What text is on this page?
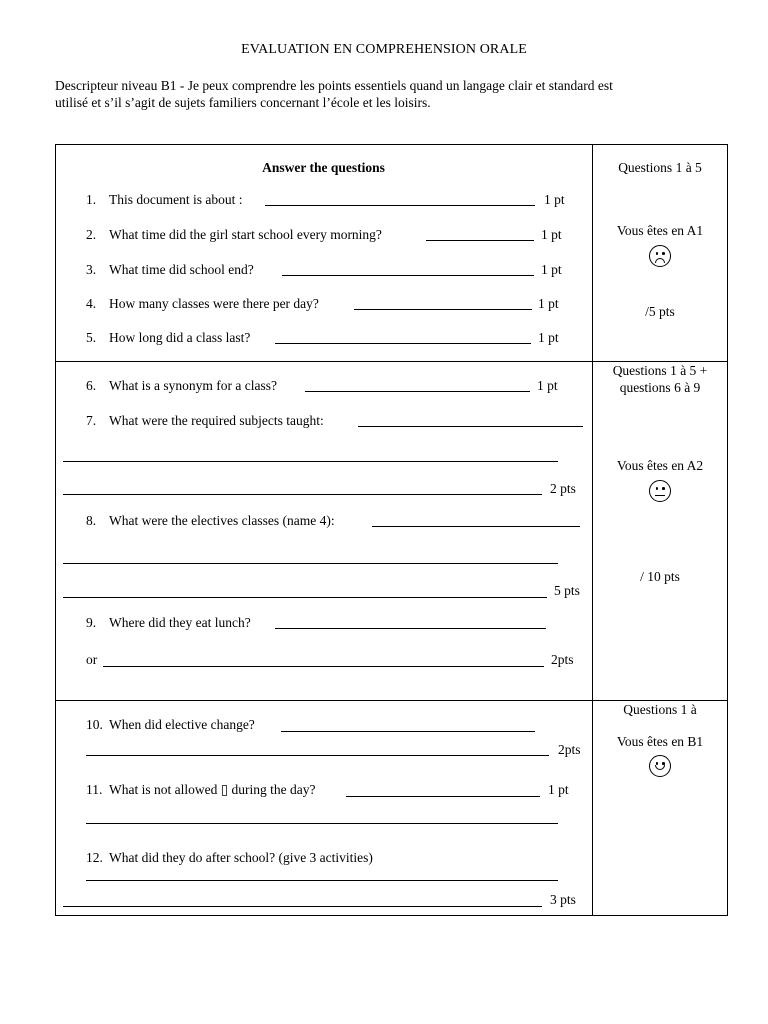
EVALUATION EN COMPREHENSION ORALE
Descripteur niveau B1 - Je peux comprendre les points essentiels quand un langage clair et standard est
utilisé et s’il s’agit de sujets familiers concernant l’école et les loisirs.
Answer the questions
1. This document is about :	1 pt
2. What time did the girl start school every morning?	1 pt
3. What time did school end?	1 pt
4. How many classes were there per day?	1 pt
5. How long did a class last?	1 pt
Questions 1 à 5
Vous êtes en A1
/5 pts
6. What is a synonym for a class?	1 pt
7. What were the required subjects taught:
2 pts
8. What were the electives classes (name 4):
5 pts
9. Where did they eat lunch?
or	2pts
Questions 1 à 5 +
questions 6 à 9
Vous êtes en A2
/ 10 pts
10. When did elective change?
2pts
11. What is not allowed ▯ during the day?	1 pt
12. What did they do after school? (give 3 activities)
3 pts
Questions 1 à
Vous êtes en B1
